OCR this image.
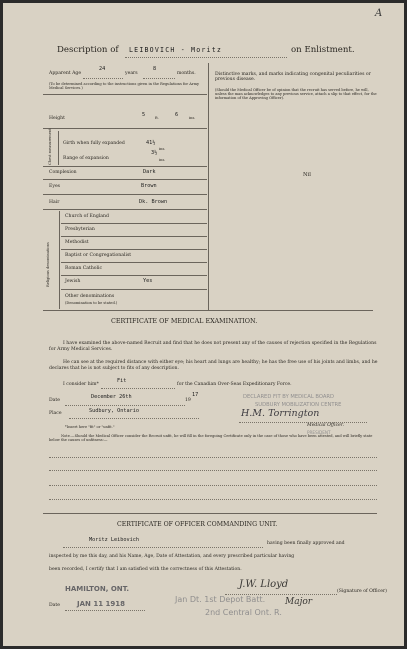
A
Description of LEIBOVICH - Moritz	on Enlistment.
Apparent Age
24
years
8
months.
(To be determined according to the instructions given in the Regulations for Army Medical Services.)
Height
5	ft.	6	ins.
Chest measurement Girth when fully expanded	41½
ins.
Range of expansion
3½
ins.
Complexion	Dark
Eyes	Brown
Hair	Dk. Brown
Religious denominations
Church of England
Presbyterian
Methodist
Baptist or Congregationalist
Roman Catholic
Jewish	Yes
Other denominations
(Denomination to be stated.)
Distinctive marks, and marks indicating congenital peculiarities or previous disease.
(Should the Medical Officer be of opinion that the recruit has served before, he will, unless the man acknowledges to any previous service, attach a slip to that effect, for the information of the Approving Officer).
Nil
CERTIFICATE OF MEDICAL EXAMINATION.
I have examined the above-named Recruit and find that he does not present any of the causes of rejection specified in the Regulations for Army Medical Services.
He can see at the required distance with either eye; his heart and lungs are healthy; he has the free use of his joints and limbs, and he declares that he is not subject to fits of any description.
I consider him*
Fit
for the Canadian Over-Seas Expeditionary Force.
Date
December 26th
19
17
Place	Sudbury, Ontario
DECLARED FIT BY MEDICAL BOARD
SUDBURY MOBILIZATION CENTRE
H.M. Torrington
PRESIDENT
Medical Officer.
*Insert here "fit" or "unfit."
Note.—Should the Medical Officer consider the Recruit unfit, he will fill in the foregoing Certificate only in the case of those who have been attested, and will briefly state below the causes of unfitness:—
CERTIFICATE OF OFFICER COMMANDING UNIT.
Moritz Leibovich
having been finally approved and
inspected by me this day, and his Name, Age, Date of Attestation, and every prescribed particular having
been recorded, I certify that I am satisfied with the correctness of this Attestation.
HAMILTON, ONT.
JAN 11 1918
Date
J.W. Lloyd
Major
(Signature of Officer)
Jan Dt. 1st Depot Batt.
2nd Central Ont. R.
